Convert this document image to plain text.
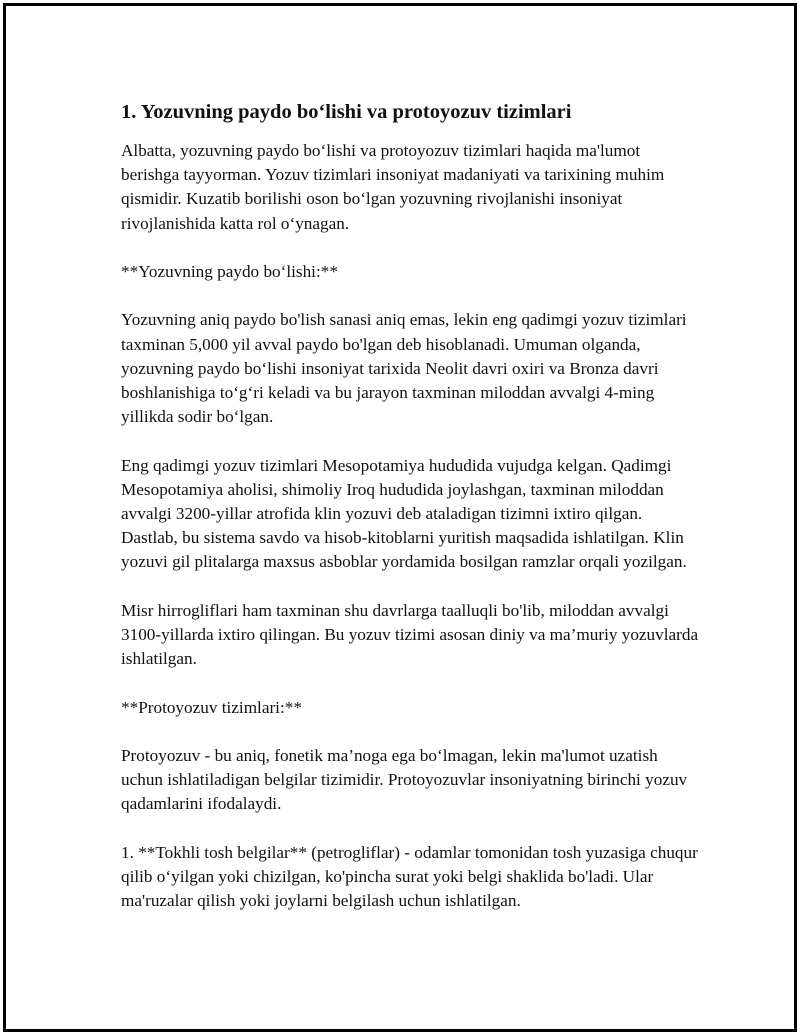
1. Yozuvning paydo bo‘lishi va protoyozuv tizimlari

Albatta, yozuvning paydo bo‘lishi va protoyozuv tizimlari haqida ma'lumot berishga tayyorman. Yozuv tizimlari insoniyat madaniyati va tarixining muhim qismidir. Kuzatib borilishi oson bo‘lgan yozuvning rivojlanishi insoniyat rivojlanishida katta rol o‘ynagan.

**Yozuvning paydo bo‘lishi:**

Yozuvning aniq paydo bo'lish sanasi aniq emas, lekin eng qadimgi yozuv tizimlari taxminan 5,000 yil avval paydo bo'lgan deb hisoblanadi. Umuman olganda, yozuvning paydo bo‘lishi insoniyat tarixida Neolit davri oxiri va Bronza davri boshlanishiga to‘g‘ri keladi va bu jarayon taxminan miloddan avvalgi 4-ming yillikda sodir bo‘lgan.

Eng qadimgi yozuv tizimlari Mesopotamiya hududida vujudga kelgan. Qadimgi Mesopotamiya aholisi, shimoliy Iroq hududida joylashgan, taxminan miloddan avvalgi 3200-yillar atrofida klin yozuvi deb ataladigan tizimni ixtiro qilgan. Dastlab, bu sistema savdo va hisob-kitoblarni yuritish maqsadida ishlatilgan. Klin yozuvi gil plitalarga maxsus asboblar yordamida bosilgan ramzlar orqali yozilgan.

Misr hirrogliflari ham taxminan shu davrlarga taalluqli bo'lib, miloddan avvalgi 3100-yillarda ixtiro qilingan. Bu yozuv tizimi asosan diniy va ma’muriy yozuvlarda ishlatilgan.

**Protoyozuv tizimlari:**

Protoyozuv - bu aniq, fonetik ma’noga ega bo‘lmagan, lekin ma'lumot uzatish uchun ishlatiladigan belgilar tizimidir. Protoyozuvlar insoniyatning birinchi yozuv qadamlarini ifodalaydi.

1. **Tokhli tosh belgilar** (petrogliflar) - odamlar tomonidan tosh yuzasiga chuqur qilib o‘yilgan yoki chizilgan, ko'pincha surat yoki belgi shaklida bo'ladi. Ular ma'ruzalar qilish yoki joylarni belgilash uchun ishlatilgan.
